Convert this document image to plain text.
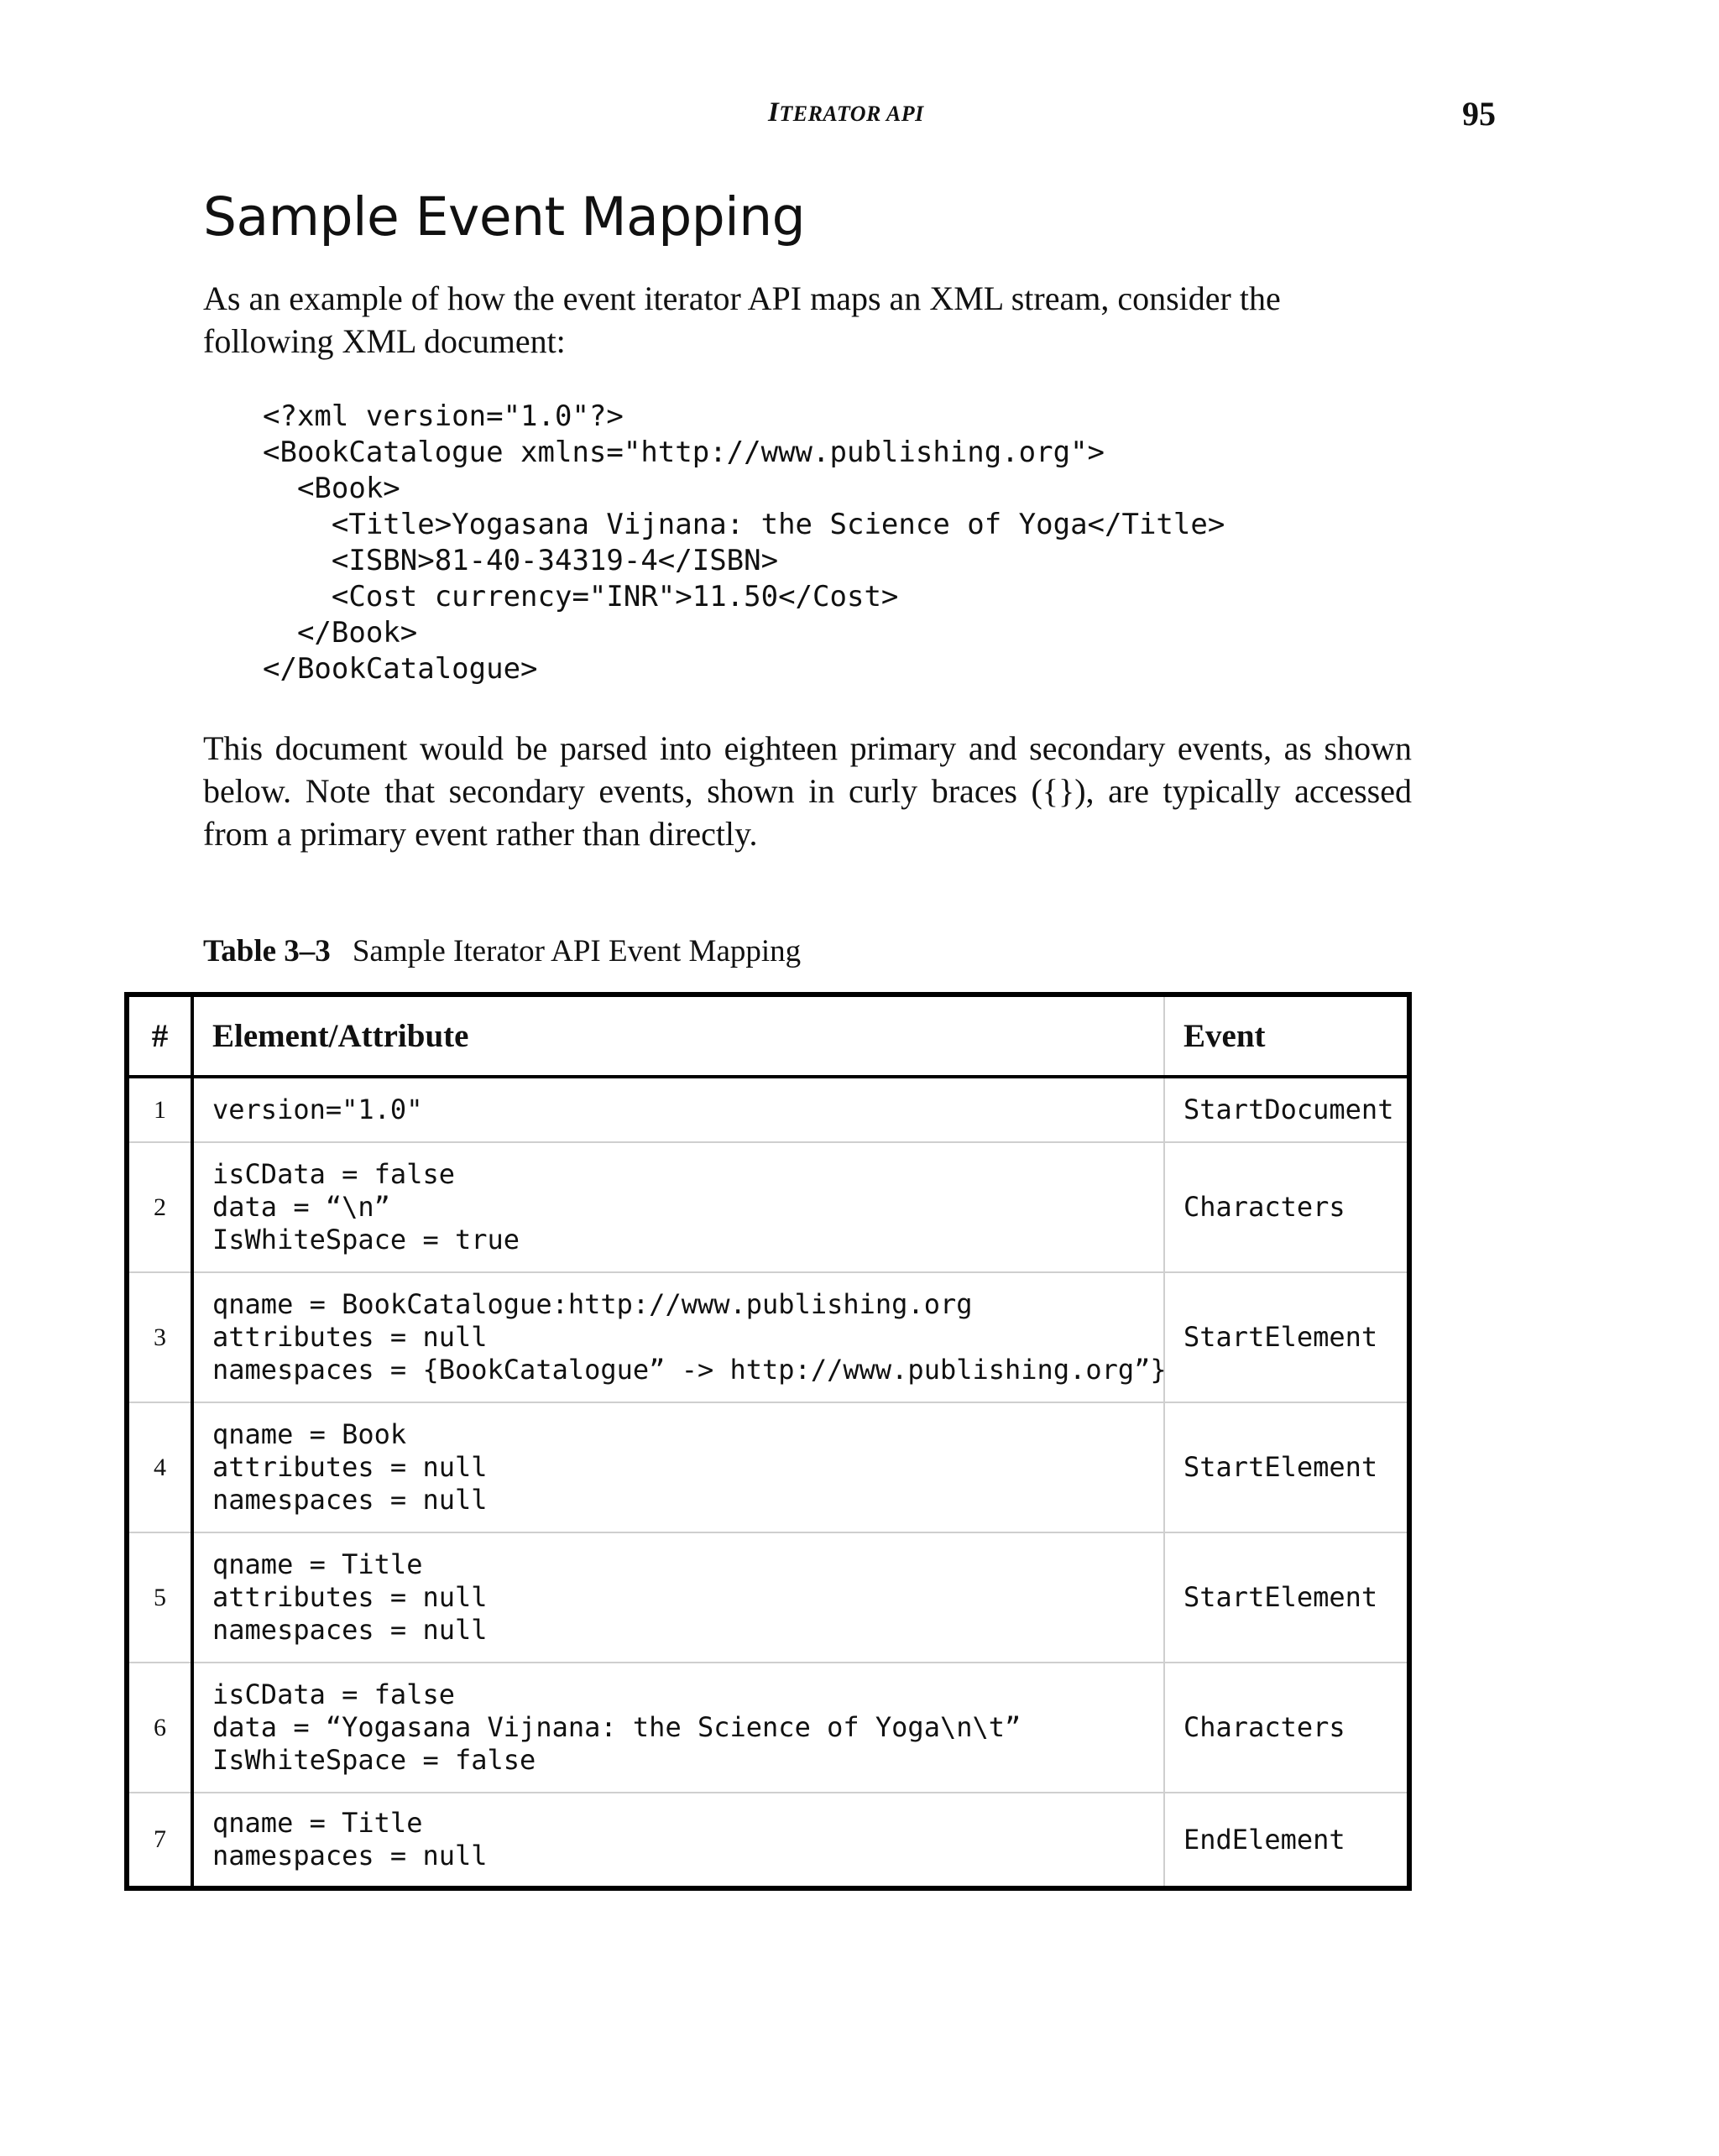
ITERATOR API	95
Sample Event Mapping

As an example of how the event iterator API maps an XML stream, consider the following XML document:

<?xml version="1.0"?>
<BookCatalogue xmlns="http://www.publishing.org">
<Book>
<Title>Yogasana Vijnana: the Science of Yoga</Title>
<ISBN>81-40-34319-4</ISBN>
<Cost currency="INR">11.50</Cost>
</Book>
</BookCatalogue>

This document would be parsed into eighteen primary and secondary events, as shown below. Note that secondary events, shown in curly braces ({}), are typically accessed from a primary event rather than directly.

Table 3–3 Sample Iterator API Event Mapping
#	Element/Attribute	Event
1	version="1.0"	StartDocument
2	isCData = false
data = “\n”
IsWhiteSpace = true	Characters
3	qname = BookCatalogue:http://www.publishing.org
attributes = null
namespaces = {BookCatalogue” -> http://www.publishing.org”}	StartElement
4	qname = Book
attributes = null
namespaces = null	StartElement
5	qname = Title
attributes = null
namespaces = null	StartElement
6	isCData = false
data = “Yogasana Vijnana: the Science of Yoga\n\t”
IsWhiteSpace = false	Characters
7	qname = Title
namespaces = null	EndElement
